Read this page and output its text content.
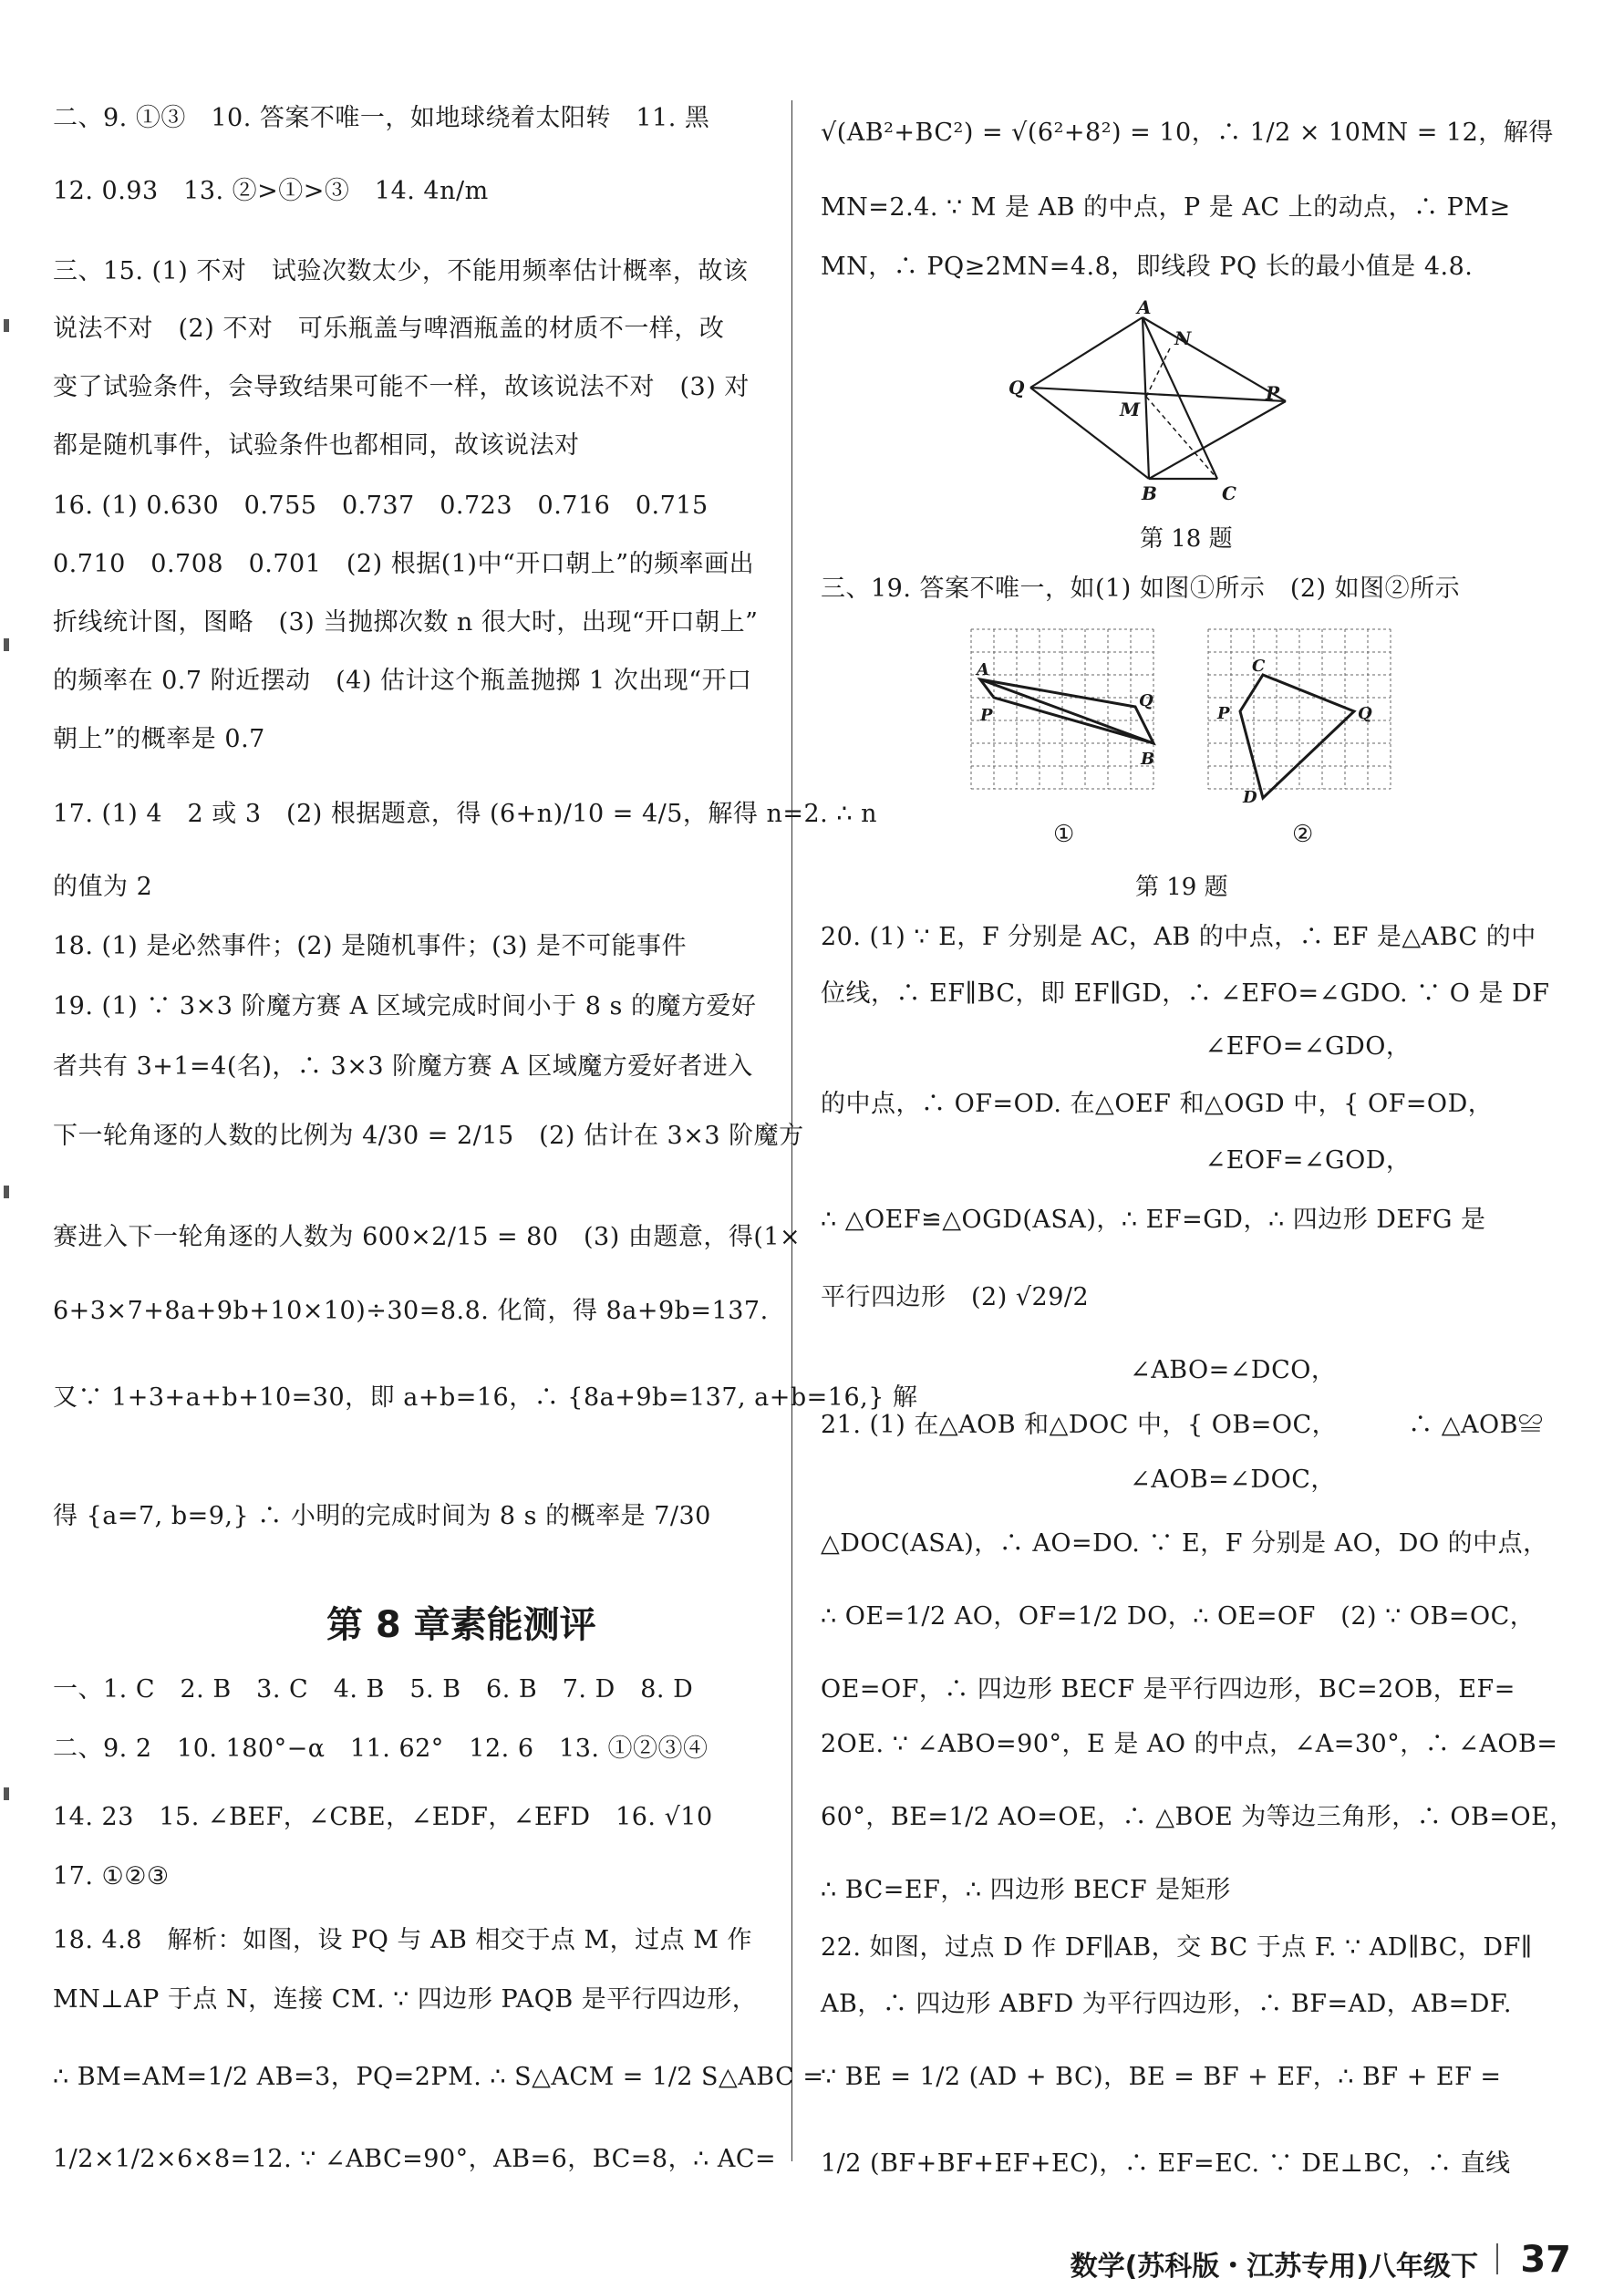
二、9. ①③　10. 答案不唯一，如地球绕着太阳转　11. 黑
12. 0.93　13. ②>①>③　14. 4n/m
三、15. (1) 不对　试验次数太少，不能用频率估计概率，故该
说法不对　(2) 不对　可乐瓶盖与啤酒瓶盖的材质不一样，改
变了试验条件，会导致结果可能不一样，故该说法不对　(3) 对
都是随机事件，试验条件也都相同，故该说法对
16. (1) 0.630　0.755　0.737　0.723　0.716　0.715
0.710　0.708　0.701　(2) 根据(1)中“开口朝上”的频率画出
折线统计图，图略　(3) 当抛掷次数 n 很大时，出现“开口朝上”
的频率在 0.7 附近摆动　(4) 估计这个瓶盖抛掷 1 次出现“开口
朝上”的概率是 0.7
17. (1) 4　2 或 3　(2) 根据题意，得 (6+n)/10 = 4/5，解得 n=2. ∴ n
的值为 2
18. (1) 是必然事件；(2) 是随机事件；(3) 是不可能事件
19. (1) ∵ 3×3 阶魔方赛 A 区域完成时间小于 8 s 的魔方爱好
者共有 3+1=4(名)，∴ 3×3 阶魔方赛 A 区域魔方爱好者进入
下一轮角逐的人数的比例为 4/30 = 2/15　(2) 估计在 3×3 阶魔方
赛进入下一轮角逐的人数为 600×2/15 = 80　(3) 由题意，得(1×
6+3×7+8a+9b+10×10)÷30=8.8. 化简，得 8a+9b=137.
又∵ 1+3+a+b+10=30，即 a+b=16，∴ {8a+9b=137, a+b=16,} 解
得 {a=7, b=9,} ∴ 小明的完成时间为 8 s 的概率是 7/30
第 8 章素能测评
一、1. C　2. B　3. C　4. B　5. B　6. B　7. D　8. D
二、9. 2　10. 180°−α　11. 62°　12. 6　13. ①②③④
14. 23　15. ∠BEF，∠CBE，∠EDF，∠EFD　16. √10
17. ①②③
18. 4.8　解析：如图，设 PQ 与 AB 相交于点 M，过点 M 作
MN⊥AP 于点 N，连接 CM. ∵ 四边形 PAQB 是平行四边形，
∴ BM=AM=1/2 AB=3，PQ=2PM. ∴ S△ACM = 1/2 S△ABC =
1/2×1/2×6×8=12. ∵ ∠ABC=90°，AB=6，BC=8，∴ AC=
√(AB²+BC²) = √(6²+8²) = 10，∴ 1/2 × 10MN = 12，解得
MN=2.4. ∵ M 是 AB 的中点，P 是 AC 上的动点，∴ PM≥
MN，∴ PQ≥2MN=4.8，即线段 PQ 长的最小值是 4.8.
A
N
Q
M
P
B	C
第 18 题
三、19. 答案不唯一，如(1) 如图①所示　(2) 如图②所示
A
Q
P
B
①
C
P	Q
D
②
第 19 题
20. (1) ∵ E，F 分别是 AC，AB 的中点，∴ EF 是△ABC 的中
位线，∴ EF∥BC，即 EF∥GD，∴ ∠EFO=∠GDO. ∵ O 是 DF
　　　　　　　　　　　　　　　 ∠EFO=∠GDO，
的中点，∴ OF=OD. 在△OEF 和△OGD 中，{ OF=OD，
　　　　　　　　　　　　　　　 ∠EOF=∠GOD，
∴ △OEF≌△OGD(ASA)，∴ EF=GD，∴ 四边形 DEFG 是
平行四边形　(2) √29/2
　　　　　　　　　　　　 ∠ABO=∠DCO，
21. (1) 在△AOB 和△DOC 中，{ OB=OC，　　　 ∴ △AOB≌
　　　　　　　　　　　　 ∠AOB=∠DOC，
△DOC(ASA)，∴ AO=DO. ∵ E，F 分别是 AO，DO 的中点，
∴ OE=1/2 AO，OF=1/2 DO，∴ OE=OF　(2) ∵ OB=OC，
OE=OF，∴ 四边形 BECF 是平行四边形，BC=2OB，EF=
2OE. ∵ ∠ABO=90°，E 是 AO 的中点，∠A=30°，∴ ∠AOB=
60°，BE=1/2 AO=OE，∴ △BOE 为等边三角形，∴ OB=OE，
∴ BC=EF，∴ 四边形 BECF 是矩形
22. 如图，过点 D 作 DF∥AB，交 BC 于点 F. ∵ AD∥BC，DF∥
AB，∴ 四边形 ABFD 为平行四边形，∴ BF=AD，AB=DF.
∵ BE = 1/2 (AD + BC)，BE = BF + EF，∴ BF + EF =
1/2 (BF+BF+EF+EC)，∴ EF=EC. ∵ DE⊥BC，∴ 直线
数学(苏科版・江苏专用)八年级下 37
